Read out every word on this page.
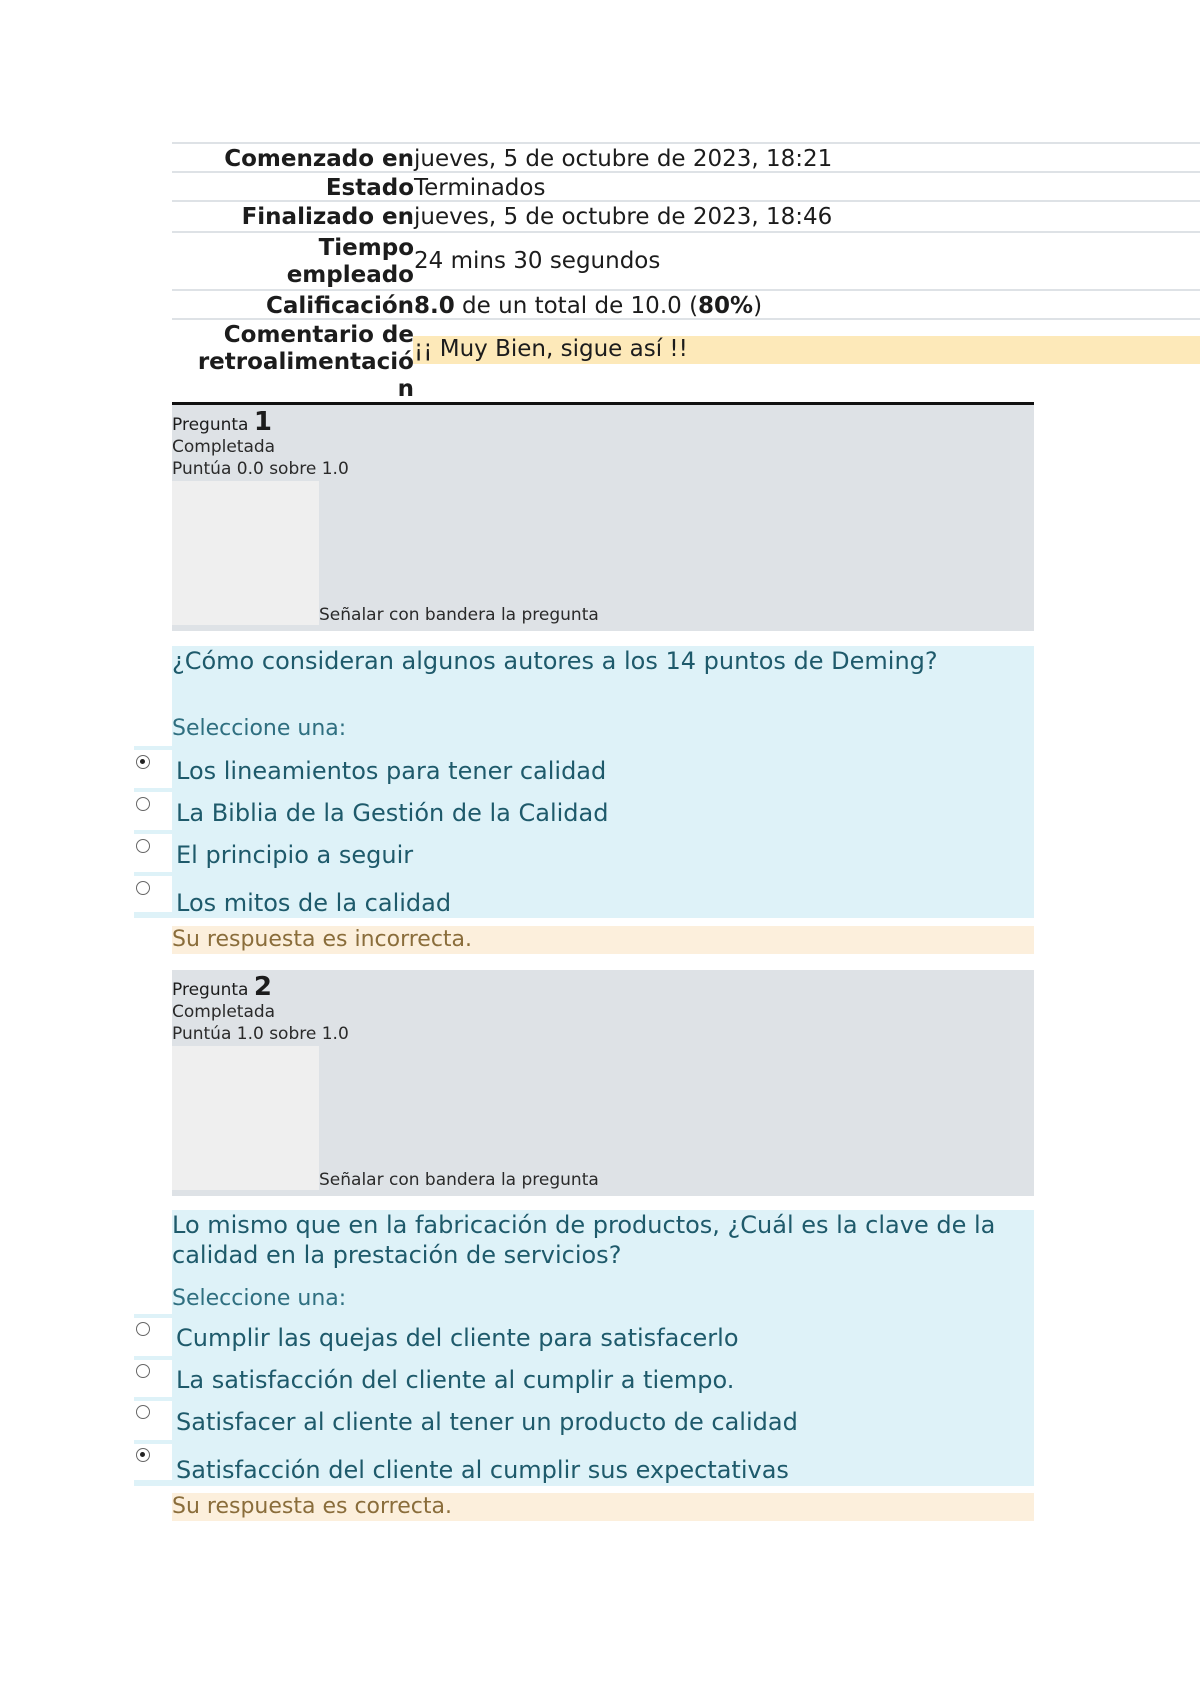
Comenzado en jueves, 5 de octubre de 2023, 18:21
Estado Terminados
Finalizado en jueves, 5 de octubre de 2023, 18:46
Tiempo
empleado
24 mins 30 segundos
Calificación 8.0 de un total de 10.0 (80%)
Comentario de
retroalimentació
n
¡¡ Muy Bien, sigue así !!
Pregunta 1
Completada
Puntúa 0.0 sobre 1.0
Señalar con bandera la pregunta
¿Cómo consideran algunos autores a los 14 puntos de Deming?
Seleccione una:
Los lineamientos para tener calidad
La Biblia de la Gestión de la Calidad
El principio a seguir
Los mitos de la calidad
Su respuesta es incorrecta.
Pregunta 2
Completada
Puntúa 1.0 sobre 1.0
Señalar con bandera la pregunta
Lo mismo que en la fabricación de productos, ¿Cuál es la clave de la calidad en la prestación de servicios?
Seleccione una:
Cumplir las quejas del cliente para satisfacerlo
La satisfacción del cliente al cumplir a tiempo.
Satisfacer al cliente al tener un producto de calidad
Satisfacción del cliente al cumplir sus expectativas
Su respuesta es correcta.
